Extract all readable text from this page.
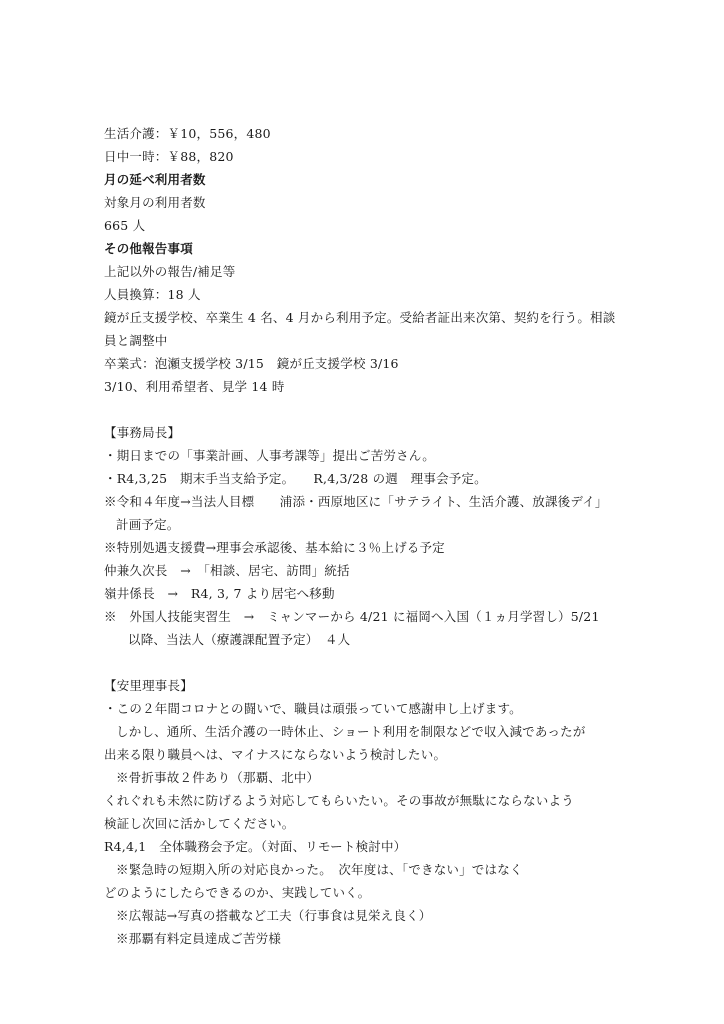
生活介護：￥10，556，480
日中一時：￥88，820
月の延べ利用者数
対象月の利用者数
665 人
その他報告事項
上記以外の報告/補足等
人員換算：18 人
鏡が丘支援学校、卒業生 4 名、4 月から利用予定。受給者証出来次第、契約を行う。相談員と調整中
卒業式：泡瀬支援学校 3/15　鏡が丘支援学校 3/16
3/10、利用希望者、見学 14 時
【事務局長】
・期日までの「事業計画、人事考課等」提出ご苦労さん。
・R4,3,25　期末手当支給予定。　　R,4,3/28 の週　理事会予定。
※令和４年度→当法人目標　　浦添・西原地区に「サテライト、生活介護、放課後デイ」
計画予定。
※特別処遇支援費→理事会承認後、基本給に３％上げる予定
仲兼久次長　→　「相談、居宅、訪問」統括
嶺井係長　→　R4, 3, 7 より居宅へ移動
※　外国人技能実習生　→　ミャンマーから 4/21 に福岡へ入国（１ヵ月学習し）5/21
以降、当法人（療護課配置予定）　４人
【安里理事長】
・この２年間コロナとの闘いで、職員は頑張っていて感謝申し上げます。
しかし、通所、生活介護の一時休止、ショート利用を制限などで収入減であったが
出来る限り職員へは、マイナスにならないよう検討したい。
※骨折事故２件あり（那覇、北中）
くれぐれも未然に防げるよう対応してもらいたい。その事故が無駄にならないよう
検証し次回に活かしてください。
R4,4,1　全体職務会予定。（対面、リモート検討中）
※緊急時の短期入所の対応良かった。　次年度は、「できない」ではなく
どのようにしたらできるのか、実践していく。
※広報誌→写真の搭載など工夫（行事食は見栄え良く）
※那覇有料定員達成ご苦労様
